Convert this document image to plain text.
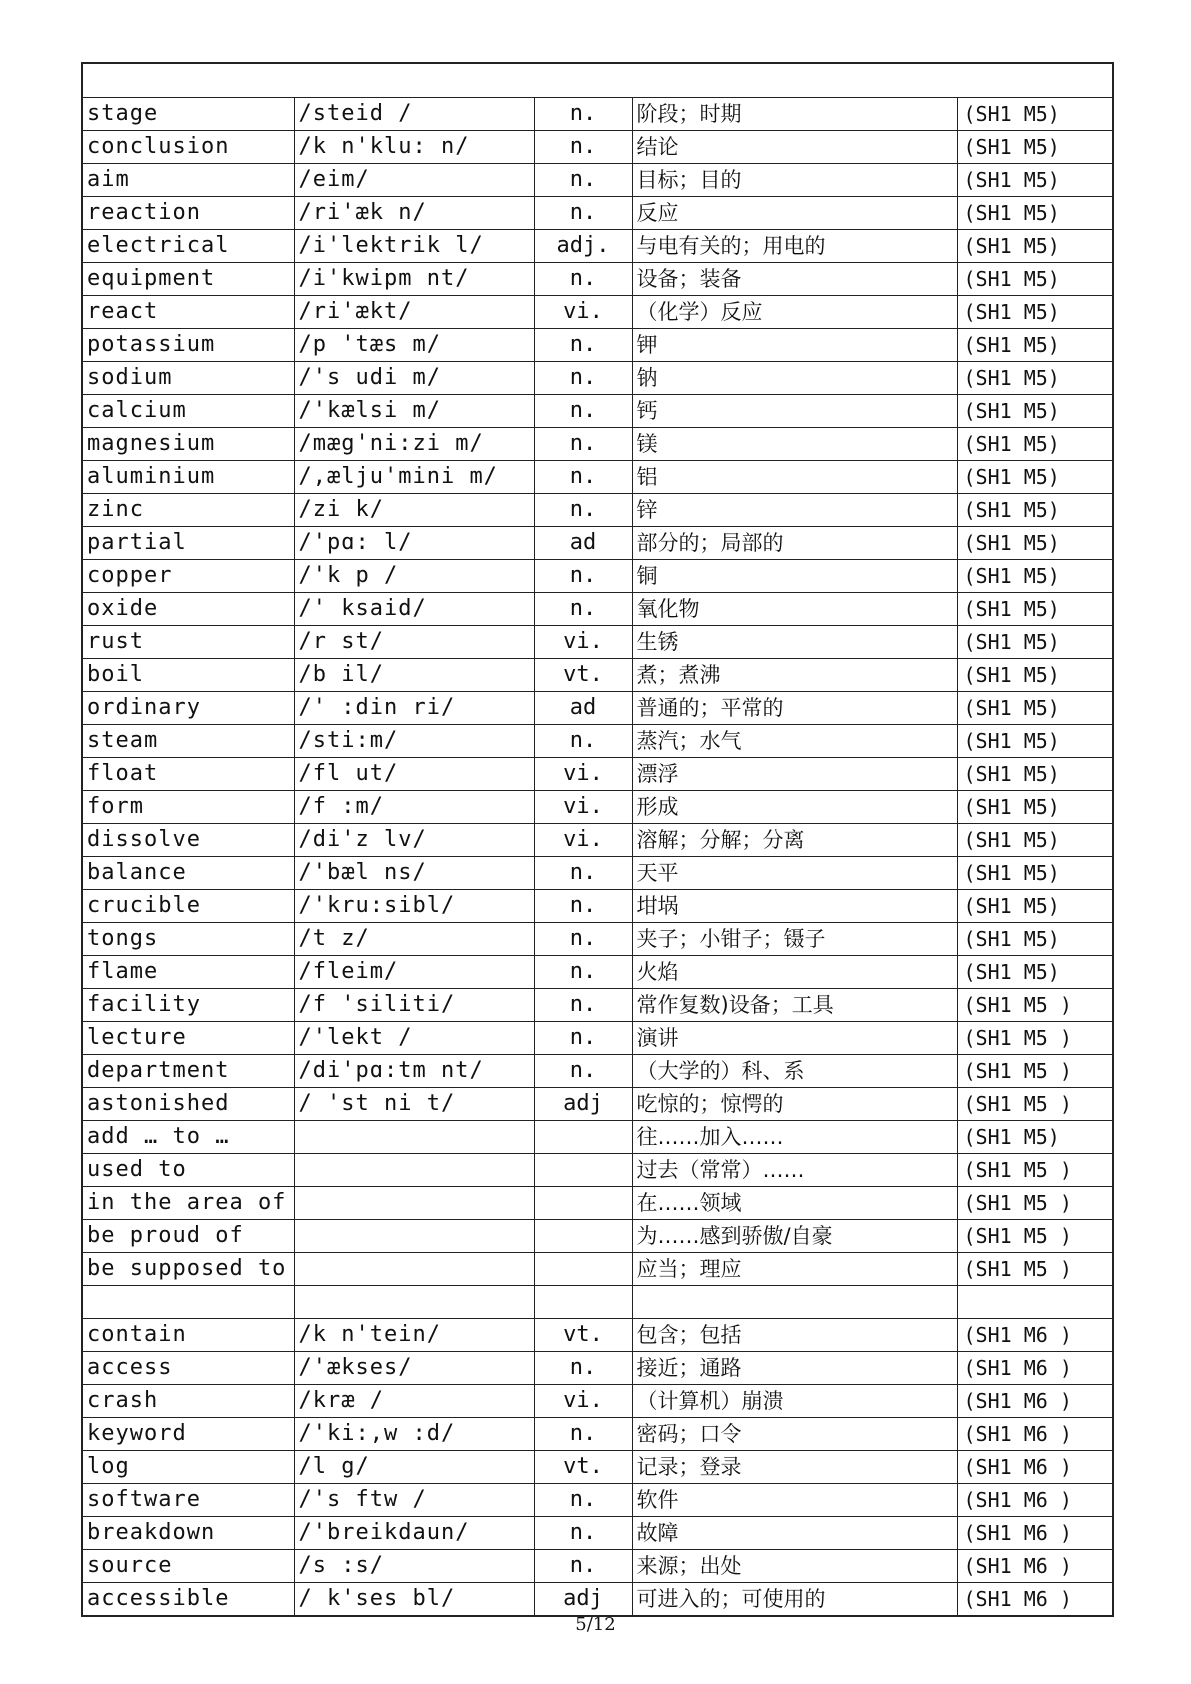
stage	/steid /	n.	阶段；时期	(SH1 M5)
conclusion	/k n'klu: n/	n.	结论	(SH1 M5)
aim	/eim/	n.	目标；目的	(SH1 M5)
reaction	/ri'æk n/	n.	反应	(SH1 M5)
electrical	/i'lektrik l/	adj.	与电有关的；用电的	(SH1 M5)
equipment	/i'kwipm nt/	n.	设备；装备	(SH1 M5)
react	/ri'ækt/	vi.	（化学）反应	(SH1 M5)
potassium	/p 'tæs m/	n.	钾	(SH1 M5)
sodium	/'s udi m/	n.	钠	(SH1 M5)
calcium	/'kælsi m/	n.	钙	(SH1 M5)
magnesium	/mæg'ni:zi m/	n.	镁	(SH1 M5)
aluminium	/,ælju'mini m/	n.	铝	(SH1 M5)
zinc	/zi k/	n.	锌	(SH1 M5)
partial	/'pɑ: l/	ad	部分的；局部的	(SH1 M5)
copper	/'k p /	n.	铜	(SH1 M5)
oxide	/' ksaid/	n.	氧化物	(SH1 M5)
rust	/r st/	vi.	生锈	(SH1 M5)
boil	/b il/	vt.	煮；煮沸	(SH1 M5)
ordinary	/' :din ri/	ad	普通的；平常的	(SH1 M5)
steam	/sti:m/	n.	蒸汽；水气	(SH1 M5)
float	/fl ut/	vi.	漂浮	(SH1 M5)
form	/f :m/	vi.	形成	(SH1 M5)
dissolve	/di'z lv/	vi.	溶解；分解；分离	(SH1 M5)
balance	/'bæl ns/	n.	天平	(SH1 M5)
crucible	/'kru:sibl/	n.	坩埚	(SH1 M5)
tongs	/t z/	n.	夹子；小钳子；镊子	(SH1 M5)
flame	/fleim/	n.	火焰	(SH1 M5)
facility	/f 'siliti/	n.	常作复数)设备；工具	(SH1 M5 )
lecture	/'lekt /	n.	演讲	(SH1 M5 )
department	/di'pɑ:tm nt/	n.	（大学的）科、系	(SH1 M5 )
astonished	/ 'st ni t/	adj	吃惊的；惊愕的	(SH1 M5 )
add … to …			往……加入……	(SH1 M5)
used to			过去（常常）……	(SH1 M5 )
in the area of			在……领域	(SH1 M5 )
be proud of			为……感到骄傲/自豪	(SH1 M5 )
be supposed to			应当；理应	(SH1 M5 )

contain	/k n'tein/	vt.	包含；包括	(SH1 M6 )
access	/'ækses/	n.	接近；通路	(SH1 M6 )
crash	/kræ /	vi.	（计算机）崩溃	(SH1 M6 )
keyword	/'ki:,w :d/	n.	密码；口令	(SH1 M6 )
log	/l g/	vt.	记录；登录	(SH1 M6 )
software	/'s ftw /	n.	软件	(SH1 M6 )
breakdown	/'breikdaun/	n.	故障	(SH1 M6 )
source	/s :s/	n.	来源；出处	(SH1 M6 )
accessible	/ k'ses bl/	adj	可进入的；可使用的	(SH1 M6 )
5/12
